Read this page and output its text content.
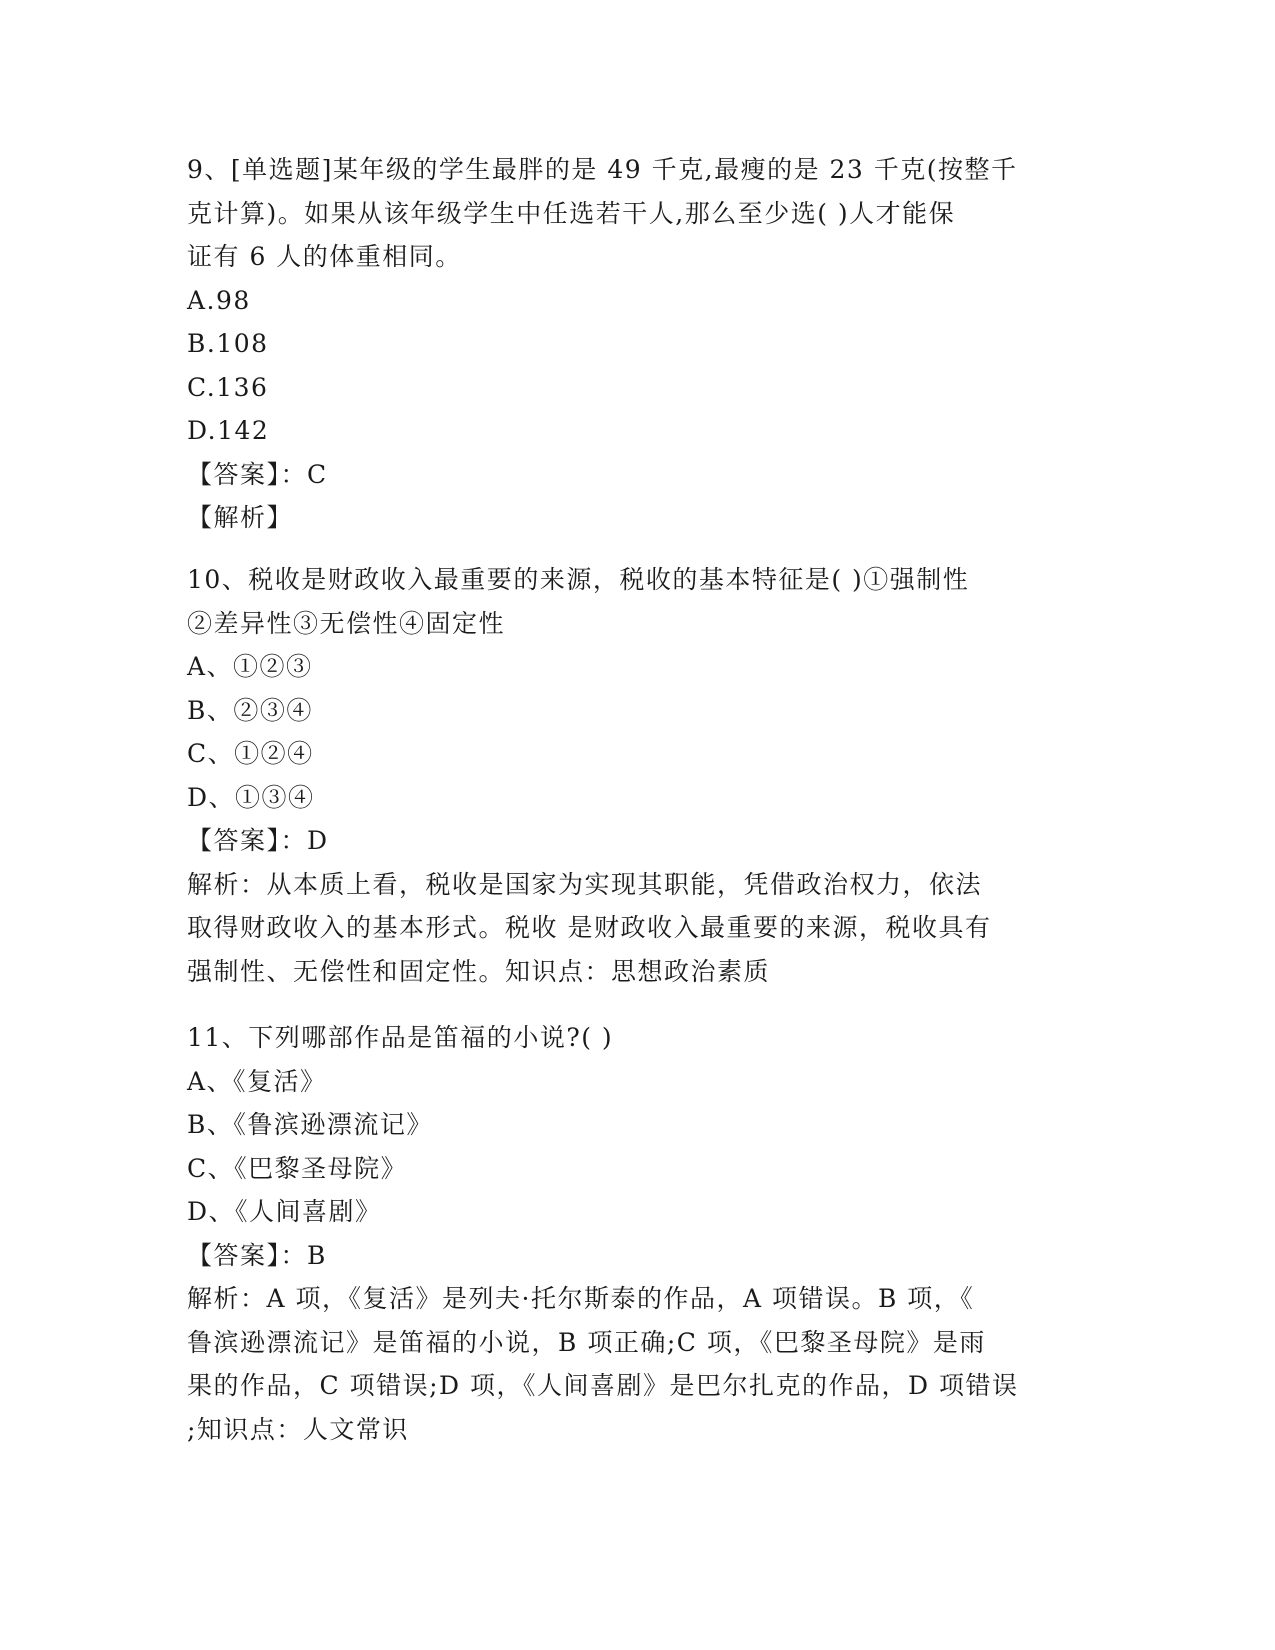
9、[单选题]某年级的学生最胖的是 49 千克,最瘦的是 23 千克(按整千
克计算)。如果从该年级学生中任选若干人,那么至少选( )人才能保
证有 6 人的体重相同。
A.98
B.108
C.136
D.142
【答案】：C
【解析】
10、税收是财政收入最重要的来源，税收的基本特征是( )①强制性
②差异性③无偿性④固定性
A、①②③
B、②③④
C、①②④
D、①③④
【答案】：D
解析：从本质上看，税收是国家为实现其职能，凭借政治权力，依法
取得财政收入的基本形式。税收 是财政收入最重要的来源，税收具有
强制性、无偿性和固定性。知识点：思想政治素质
11、下列哪部作品是笛福的小说?( )
A、《复活》
B、《鲁滨逊漂流记》
C、《巴黎圣母院》
D、《人间喜剧》
【答案】：B
解析：A 项，《复活》是列夫·托尔斯泰的作品，A 项错误。B 项，《
鲁滨逊漂流记》是笛福的小说，B 项正确;C 项，《巴黎圣母院》是雨
果的作品，C 项错误;D 项，《人间喜剧》是巴尔扎克的作品，D 项错误
;知识点：人文常识
